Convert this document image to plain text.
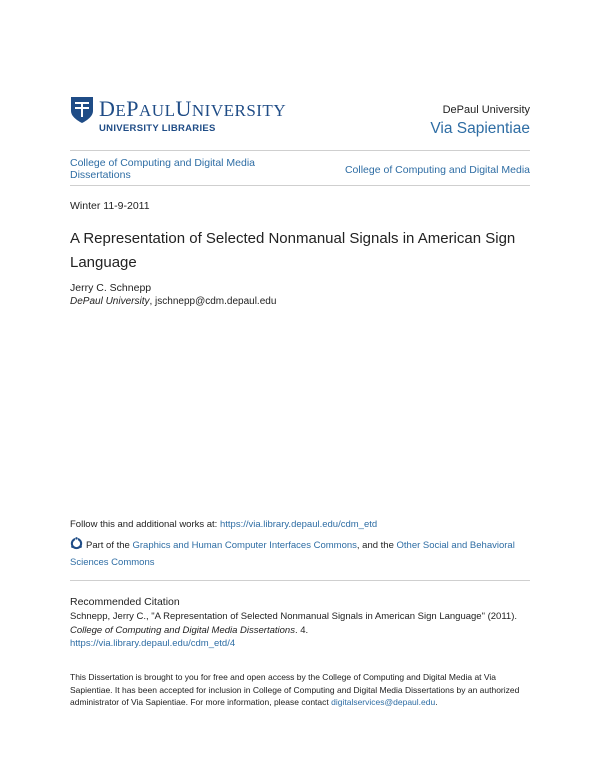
DEPAULUNIVERSITY
UNIVERSITY LIBRARIES
DePaul University
Via Sapientiae
College of Computing and Digital Media Dissertations	College of Computing and Digital Media
Winter 11-9-2011
A Representation of Selected Nonmanual Signals in American Sign Language
Jerry C. Schnepp
DePaul University, jschnepp@cdm.depaul.edu
Follow this and additional works at: https://via.library.depaul.edu/cdm_etd
Part of the Graphics and Human Computer Interfaces Commons, and the Other Social and Behavioral Sciences Commons
Recommended Citation
Schnepp, Jerry C., "A Representation of Selected Nonmanual Signals in American Sign Language" (2011).
College of Computing and Digital Media Dissertations. 4.
https://via.library.depaul.edu/cdm_etd/4
This Dissertation is brought to you for free and open access by the College of Computing and Digital Media at Via Sapientiae. It has been accepted for inclusion in College of Computing and Digital Media Dissertations by an authorized administrator of Via Sapientiae. For more information, please contact digitalservices@depaul.edu.
